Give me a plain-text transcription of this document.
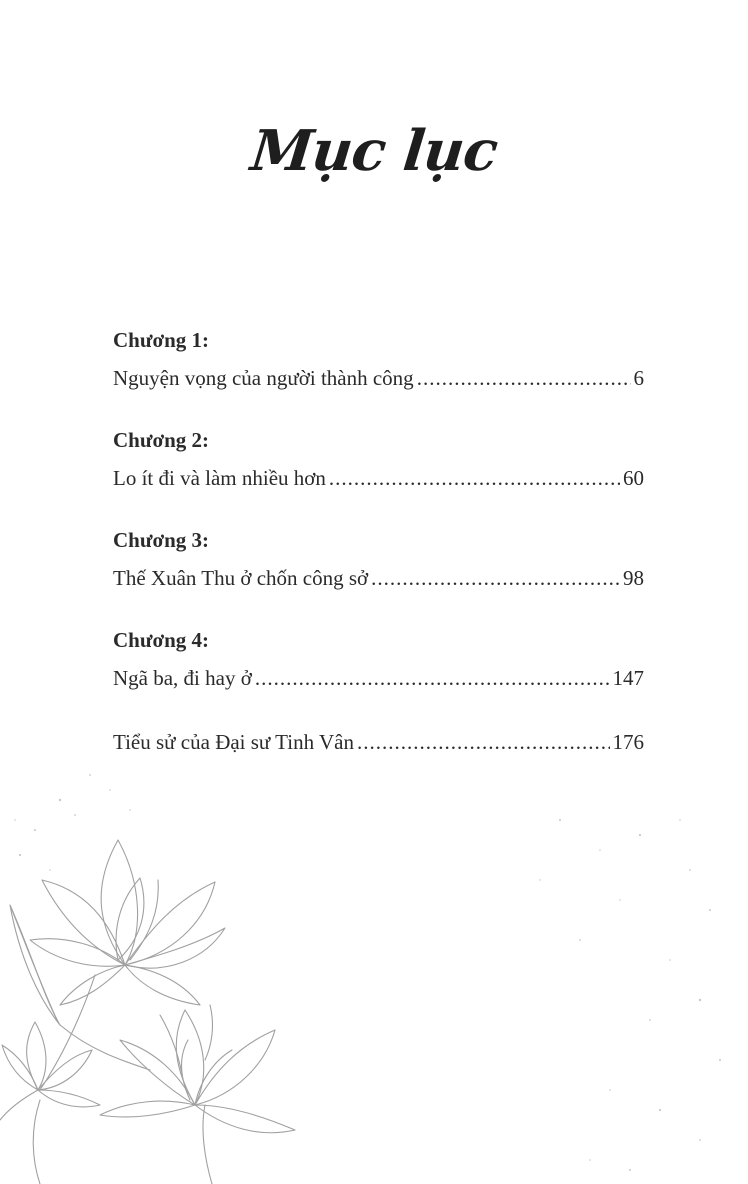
Mục lục
Chương 1:
Nguyện vọng của người thành công .....	6
Chương 2:
Lo ít đi và làm nhiều hơn .....	60
Chương 3:
Thế Xuân Thu ở chốn công sở .....	98
Chương 4:
Ngã ba, đi hay ở .....	147
Tiểu sử của Đại sư Tinh Vân .....	176
